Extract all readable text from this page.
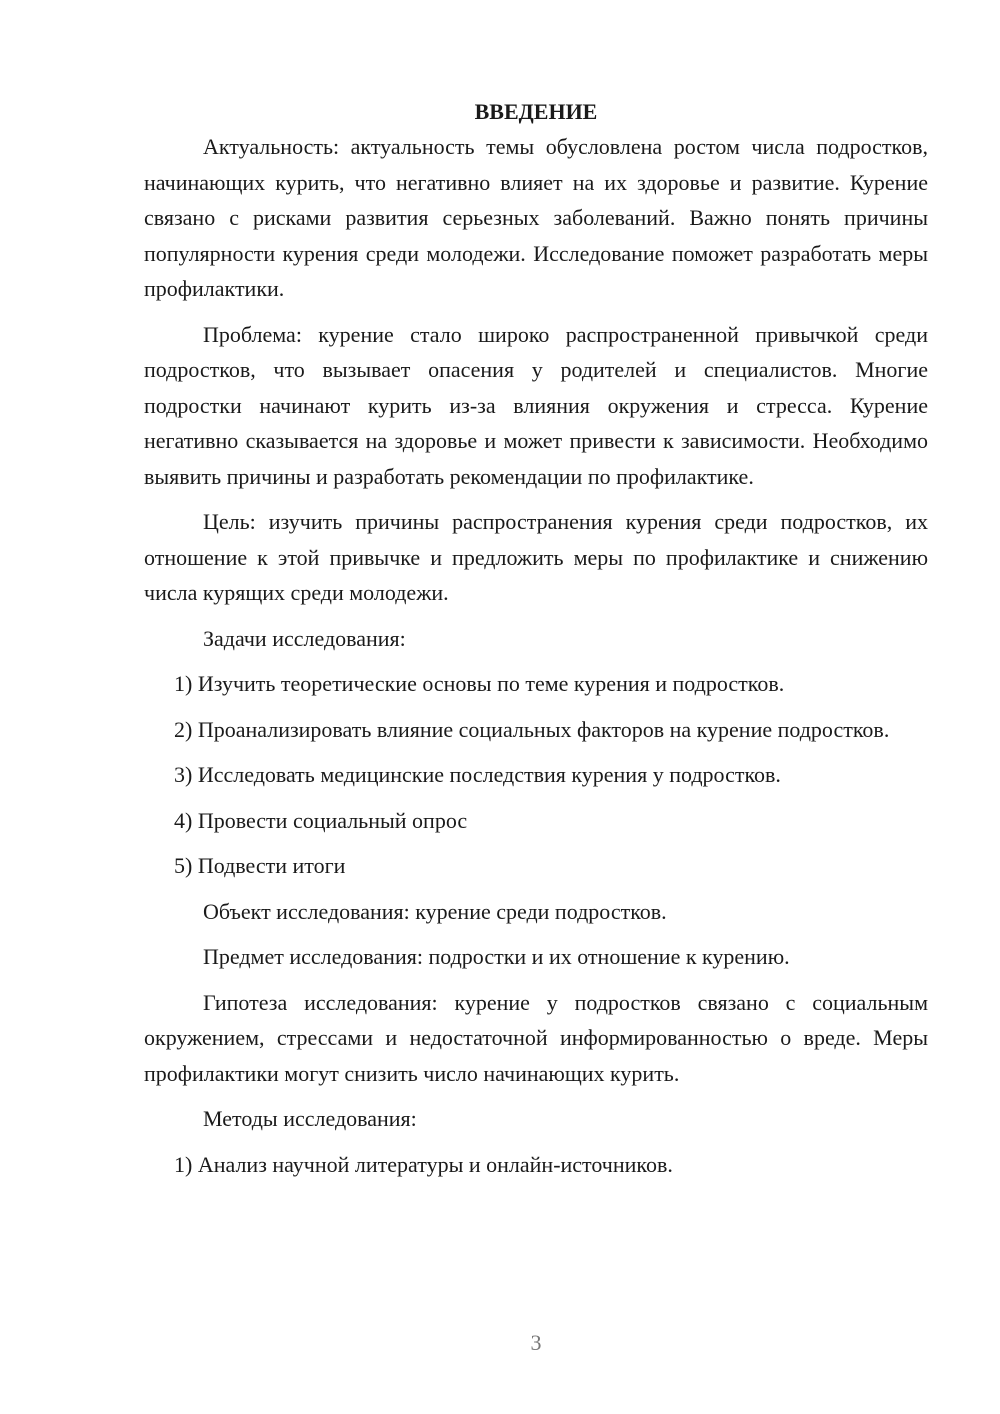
ВВЕДЕНИЕ

Актуальность: актуальность темы обусловлена ростом числа подростков, начинающих курить, что негативно влияет на их здоровье и развитие. Курение связано с рисками развития серьезных заболеваний. Важно понять причины популярности курения среди молодежи. Исследование поможет разработать меры профилактики.

Проблема: курение стало широко распространенной привычкой среди подростков, что вызывает опасения у родителей и специалистов. Многие подростки начинают курить из-за влияния окружения и стресса. Курение негативно сказывается на здоровье и может привести к зависимости. Необходимо выявить причины и разработать рекомендации по профилактике.

Цель: изучить причины распространения курения среди подростков, их отношение к этой привычке и предложить меры по профилактике и снижению числа курящих среди молодежи.

Задачи исследования:

1) Изучить теоретические основы по теме курения и подростков.

2) Проанализировать влияние социальных факторов на курение подростков.

3) Исследовать медицинские последствия курения у подростков.

4) Провести социальный опрос

5) Подвести итоги

Объект исследования: курение среди подростков.

Предмет исследования: подростки и их отношение к курению.

Гипотеза исследования: курение у подростков связано с социальным окружением, стрессами и недостаточной информированностью о вреде. Меры профилактики могут снизить число начинающих курить.

Методы исследования:

1) Анализ научной литературы и онлайн-источников.

3
